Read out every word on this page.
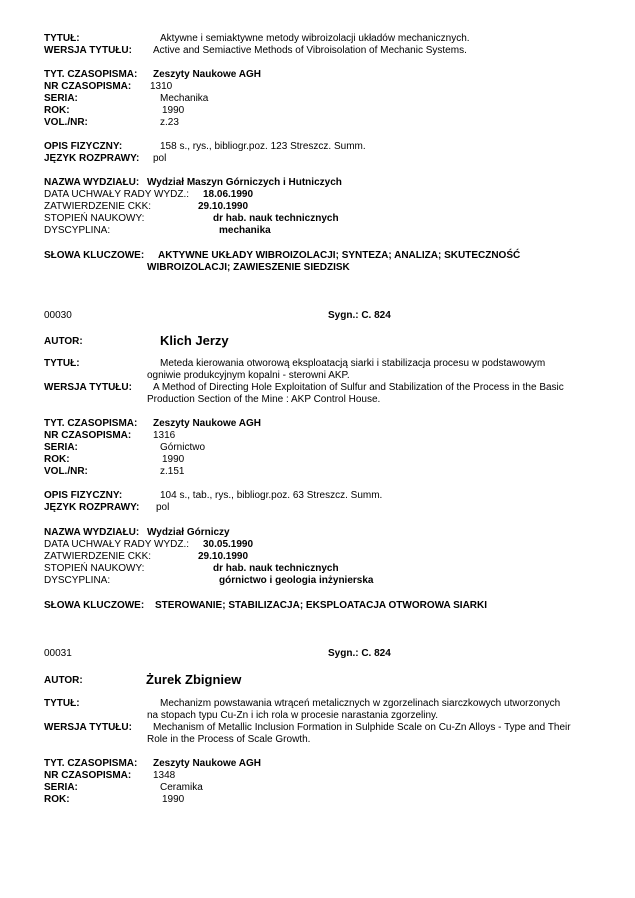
TYTUŁ:	Aktywne i semiaktywne metody wibroizolacji układów mechanicznych.
WERSJA TYTUŁU: Active and Semiactive Methods of Vibroisolation of Mechanic Systems.
TYT. CZASOPISMA: Zeszyty Naukowe AGH
NR CZASOPISMA: 1310
SERIA:	Mechanika
ROK:	1990
VOL./NR:	z.23
OPIS FIZYCZNY:	158 s., rys., bibliogr.poz. 123 Streszcz. Summ.
JĘZYK ROZPRAWY: pol
NAZWA WYDZIAŁU: Wydział Maszyn Górniczych i Hutniczych
DATA UCHWAŁY RADY WYDZ.: 18.06.1990
ZATWIERDZENIE CKK:	29.10.1990
STOPIEŃ NAUKOWY:	dr hab. nauk technicznych
DYSCYPLINA:	mechanika
SŁOWA KLUCZOWE: AKTYWNE UKŁADY WIBROIZOLACJI; SYNTEZA; ANALIZA; SKUTECZNOŚĆ
WIBROIZOLACJI; ZAWIESZENIE SIEDZISK
00030	Sygn.: C. 824
AUTOR:	Klich Jerzy
TYTUŁ:	Meteda kierowania otworową eksploatacją siarki i stabilizacja procesu w podstawowym
ogniwie produkcyjnym kopalni - sterowni AKP.
WERSJA TYTUŁU: A Method of Directing Hole Exploitation of Sulfur and Stabilization of the Process in the Basic
Production Section of the Mine : AKP Control House.
TYT. CZASOPISMA: Zeszyty Naukowe AGH
NR CZASOPISMA: 1316
SERIA:	Górnictwo
ROK:	1990
VOL./NR:	z.151
OPIS FIZYCZNY:	104 s., tab., rys., bibliogr.poz. 63 Streszcz. Summ.
JĘZYK ROZPRAWY: pol
NAZWA WYDZIAŁU: Wydział Górniczy
DATA UCHWAŁY RADY WYDZ.: 30.05.1990
ZATWIERDZENIE CKK:	29.10.1990
STOPIEŃ NAUKOWY:	dr hab. nauk technicznych
DYSCYPLINA:	górnictwo i geologia inżynierska
SŁOWA KLUCZOWE: STEROWANIE; STABILIZACJA; EKSPLOATACJA OTWOROWA SIARKI
00031	Sygn.: C. 824
AUTOR:	Żurek Zbigniew
TYTUŁ:	Mechanizm powstawania wtrąceń metalicznych w zgorzelinach siarczkowych utworzonych
na stopach typu Cu-Zn i ich rola w procesie narastania zgorzeliny.
WERSJA TYTUŁU: Mechanism of Metallic Inclusion Formation in Sulphide Scale on Cu-Zn Alloys - Type and Their
Role in the Process of Scale Growth.
TYT. CZASOPISMA: Zeszyty Naukowe AGH
NR CZASOPISMA: 1348
SERIA:	Ceramika
ROK:	1990
